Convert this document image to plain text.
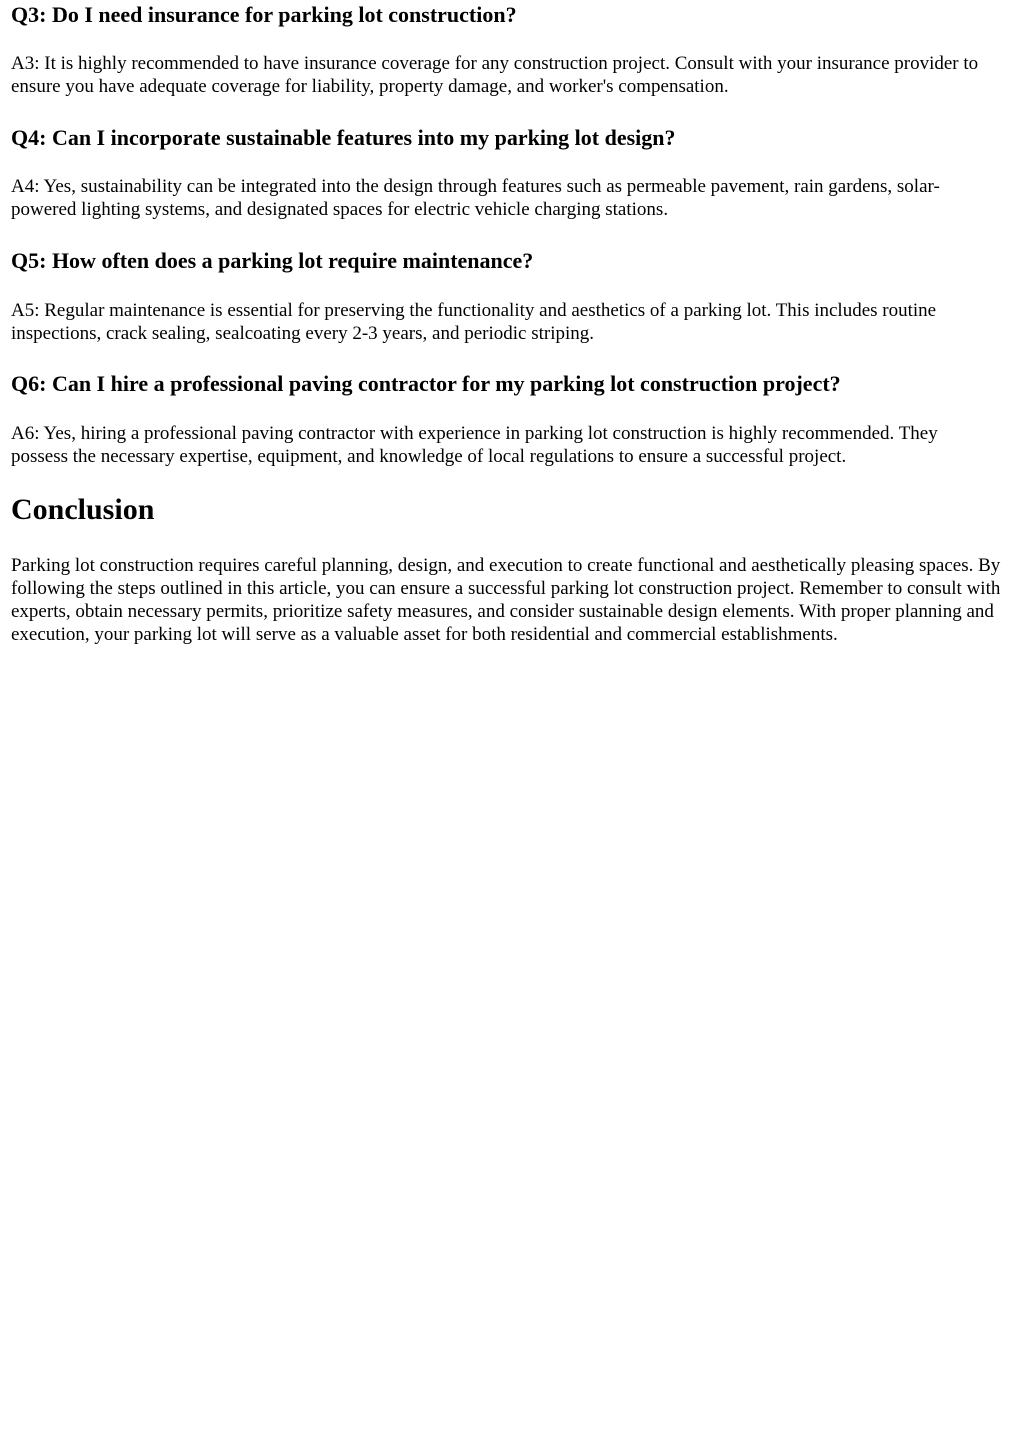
Q3: Do I need insurance for parking lot construction?

A3: It is highly recommended to have insurance coverage for any construction project. Consult with your insurance provider to ensure you have adequate coverage for liability, property damage, and worker's compensation.

Q4: Can I incorporate sustainable features into my parking lot design?

A4: Yes, sustainability can be integrated into the design through features such as permeable pavement, rain gardens, solar-powered lighting systems, and designated spaces for electric vehicle charging stations.

Q5: How often does a parking lot require maintenance?

A5: Regular maintenance is essential for preserving the functionality and aesthetics of a parking lot. This includes routine inspections, crack sealing, sealcoating every 2-3 years, and periodic striping.

Q6: Can I hire a professional paving contractor for my parking lot construction project?

A6: Yes, hiring a professional paving contractor with experience in parking lot construction is highly recommended. They possess the necessary expertise, equipment, and knowledge of local regulations to ensure a successful project.

Conclusion

Parking lot construction requires careful planning, design, and execution to create functional and aesthetically pleasing spaces. By following the steps outlined in this article, you can ensure a successful parking lot construction project. Remember to consult with experts, obtain necessary permits, prioritize safety measures, and consider sustainable design elements. With proper planning and execution, your parking lot will serve as a valuable asset for both residential and commercial establishments.
